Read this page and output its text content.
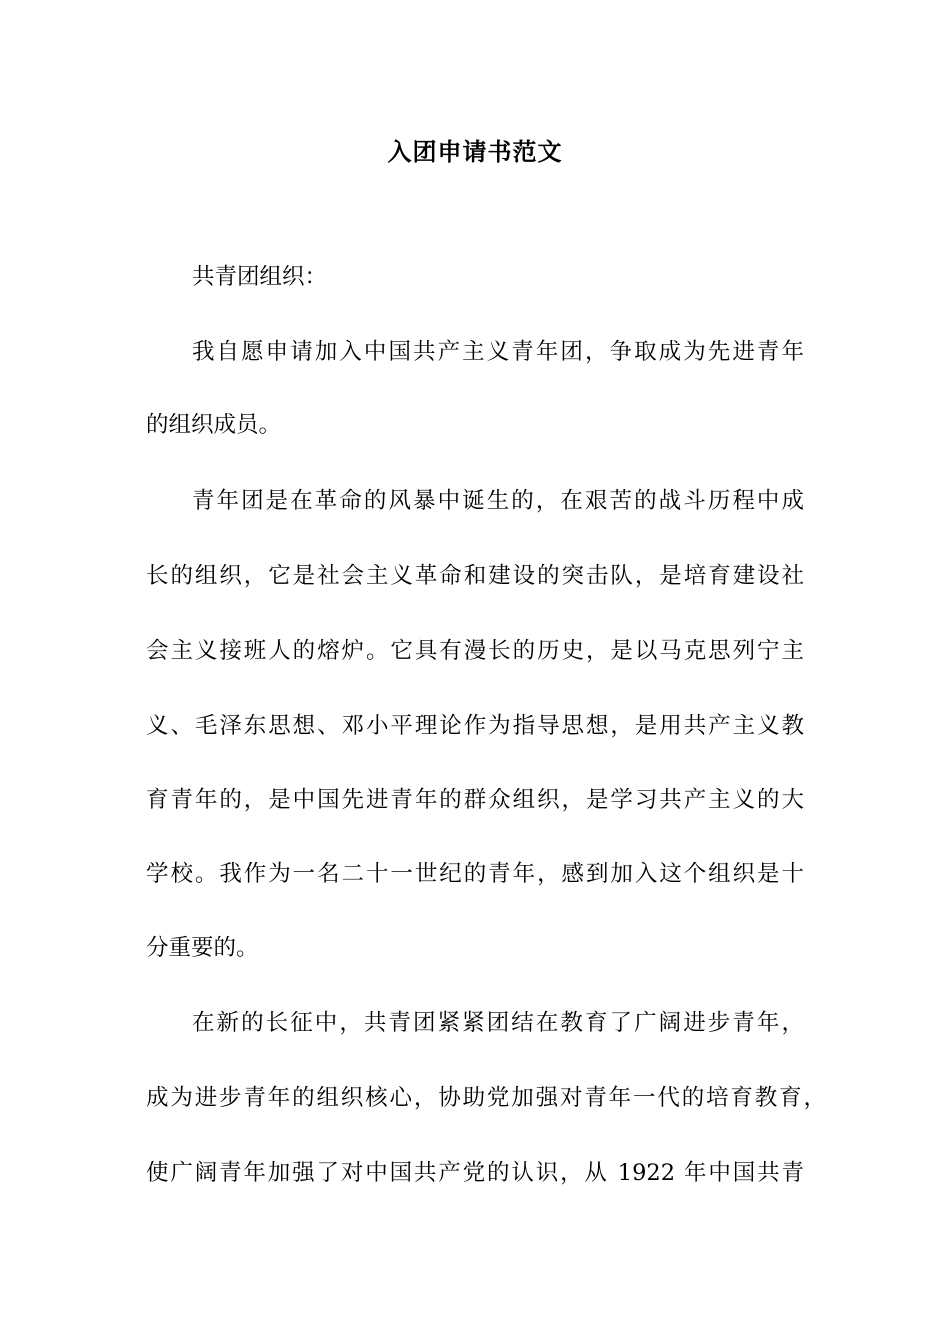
入团申请书范文
共青团组织：
我自愿申请加入中国共产主义青年团，争取成为先进青年
的组织成员。
青年团是在革命的风暴中诞生的，在艰苦的战斗历程中成
长的组织，它是社会主义革命和建设的突击队，是培育建设社
会主义接班人的熔炉。它具有漫长的历史，是以马克思列宁主
义、毛泽东思想、邓小平理论作为指导思想，是用共产主义教
育青年的，是中国先进青年的群众组织，是学习共产主义的大
学校。我作为一名二十一世纪的青年，感到加入这个组织是十
分重要的。
在新的长征中，共青团紧紧团结在教育了广阔进步青年，
成为进步青年的组织核心，协助党加强对青年一代的培育教育，
使广阔青年加强了对中国共产党的认识，从 1922 年中国共青
